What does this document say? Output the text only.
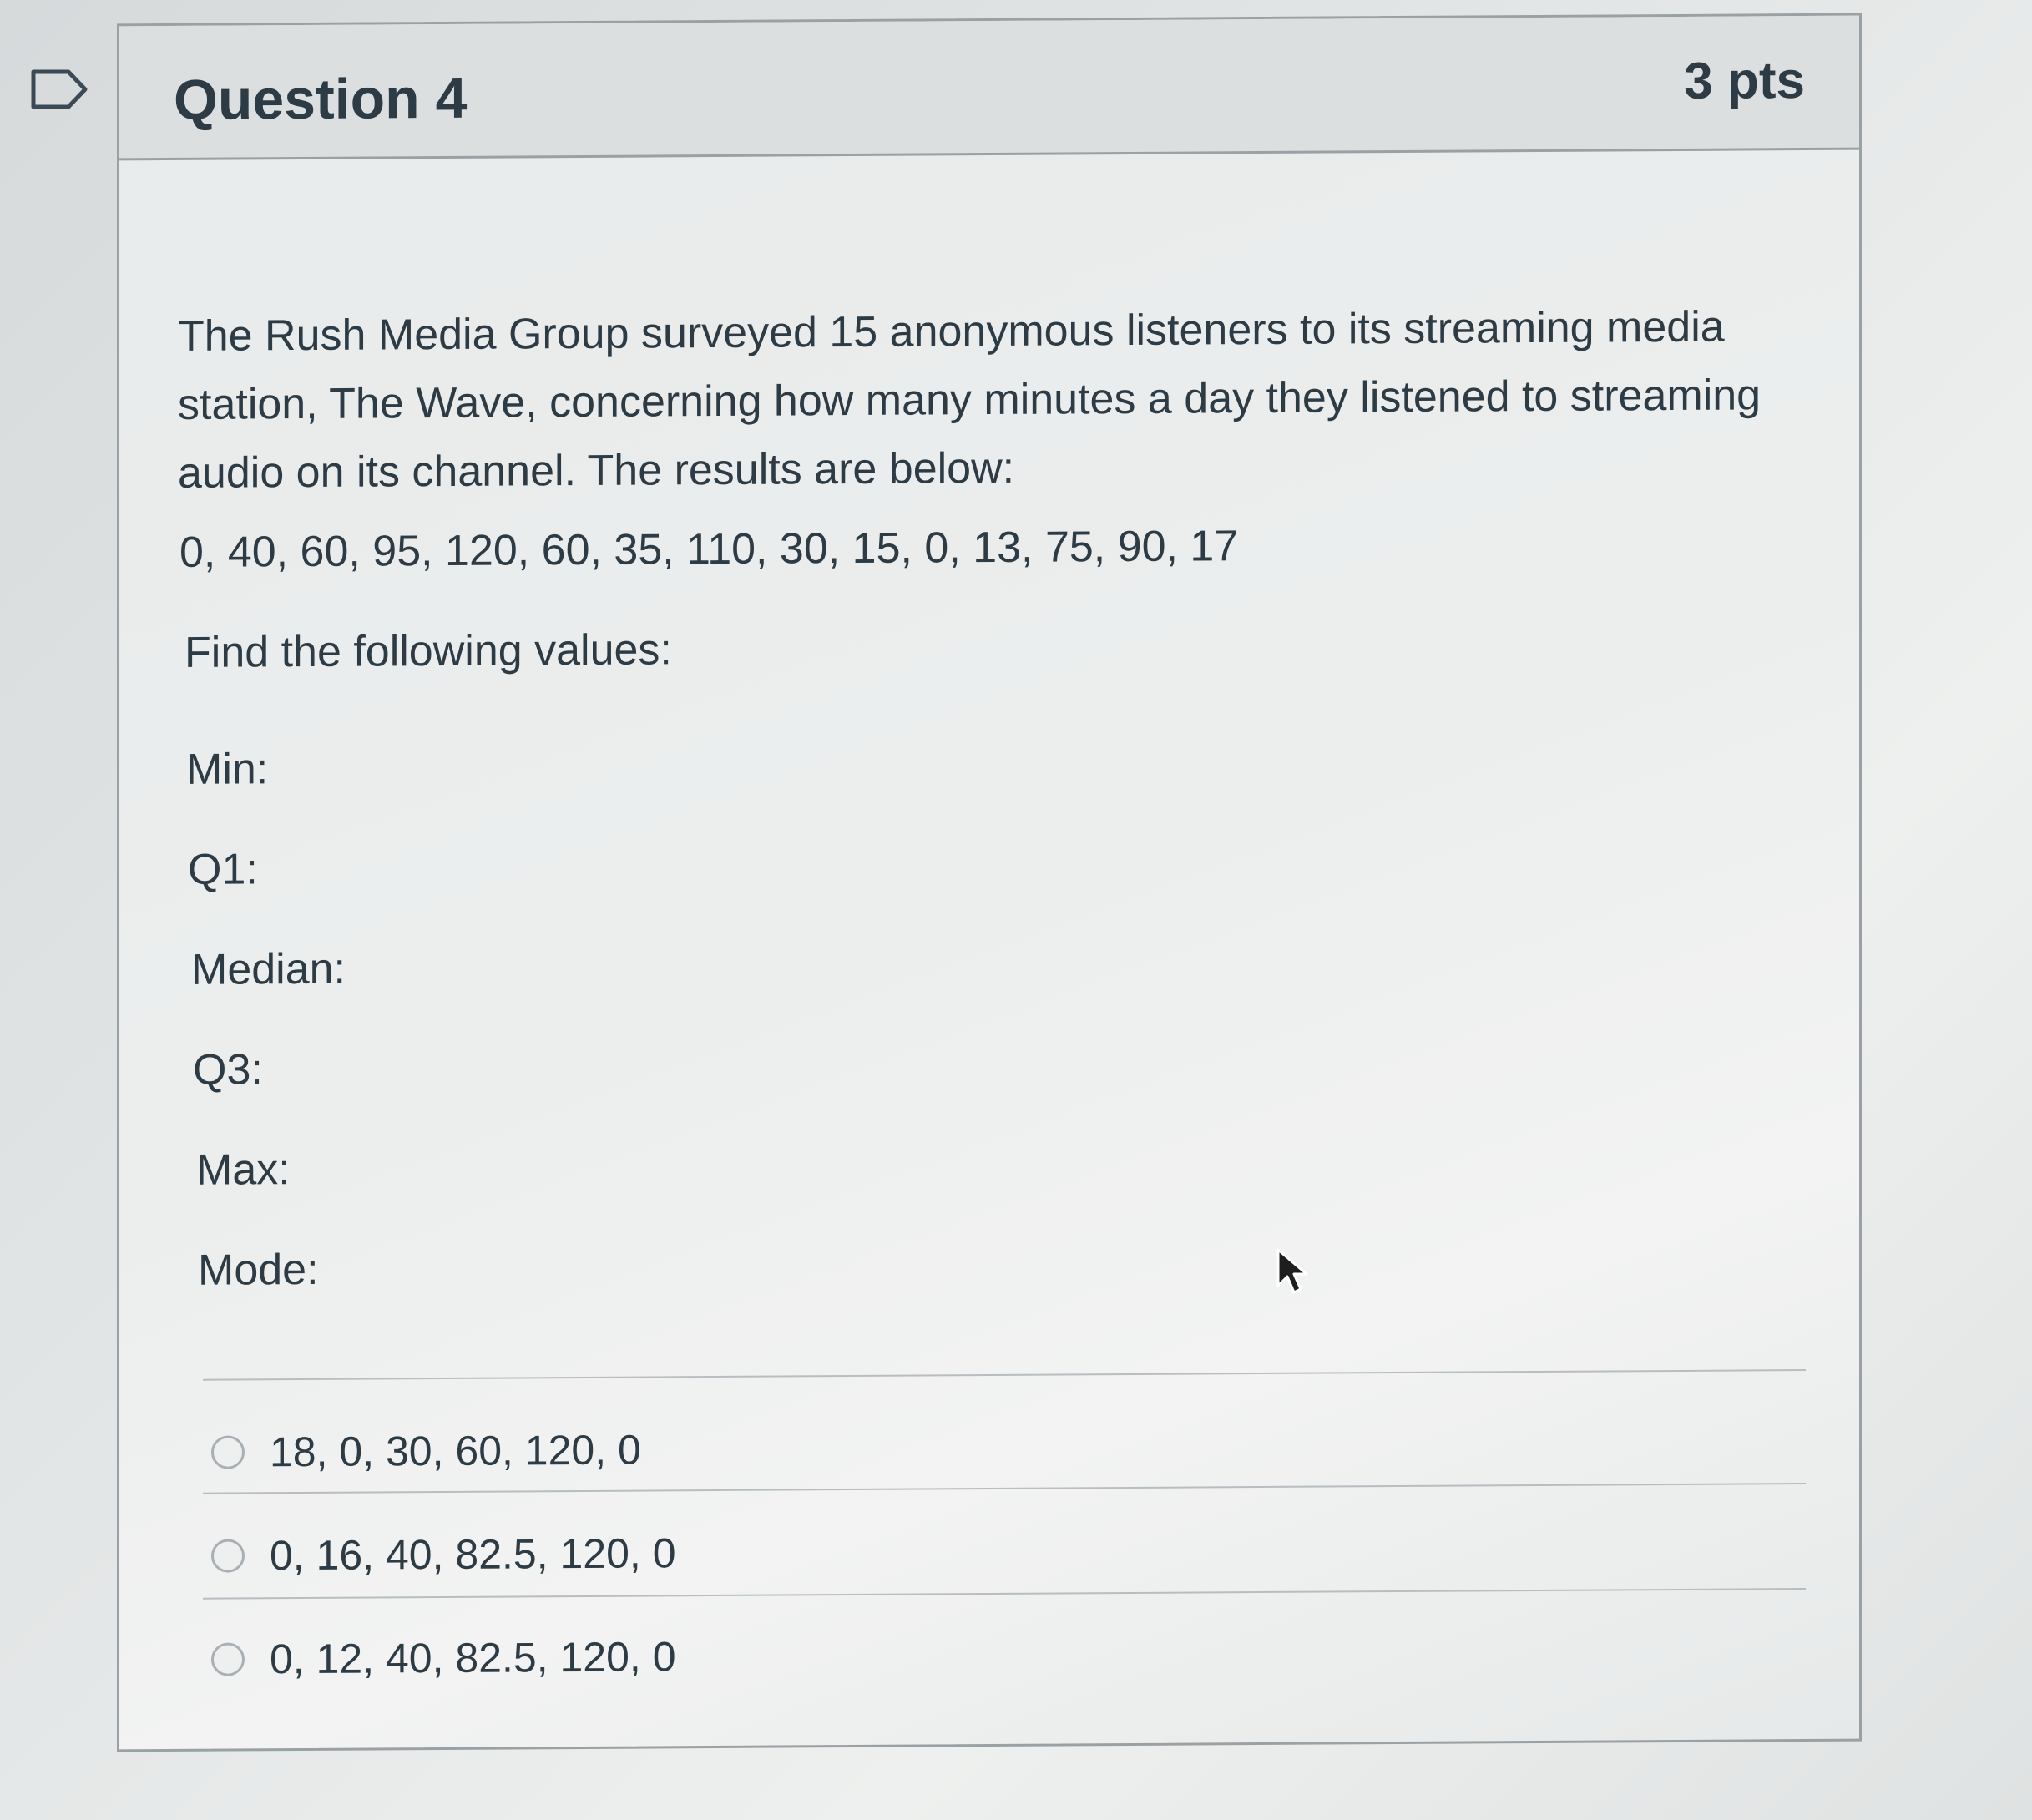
Question 4	3 pts
The Rush Media Group surveyed 15 anonymous listeners to its streaming media station, The Wave, concerning how many minutes a day they listened to streaming audio on its channel. The results are below:
0, 40, 60, 95, 120, 60, 35, 110, 30, 15, 0, 13, 75, 90, 17
Find the following values:
Min:
Q1:
Median:
Q3:
Max:
Mode:
18, 0, 30, 60, 120, 0
0, 16, 40, 82.5, 120, 0
0, 12, 40, 82.5, 120, 0
